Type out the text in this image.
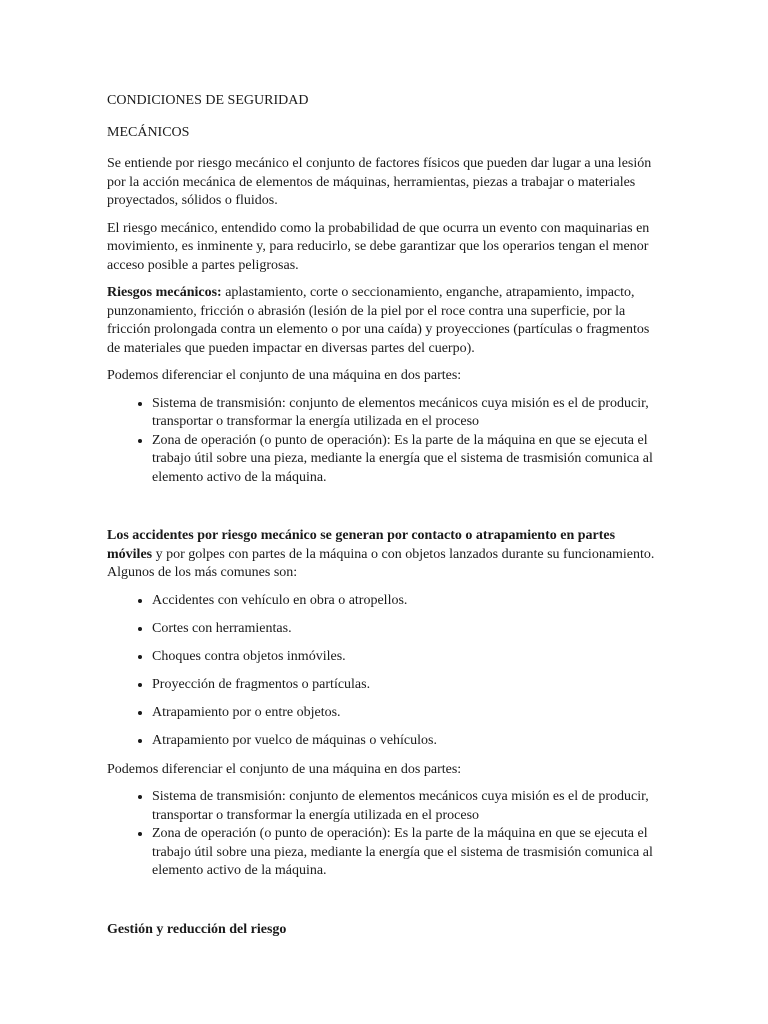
CONDICIONES DE SEGURIDAD

MECÁNICOS

Se entiende por riesgo mecánico el conjunto de factores físicos que pueden dar lugar a una lesión por la acción mecánica de elementos de máquinas, herramientas, piezas a trabajar o materiales proyectados, sólidos o fluidos.

El riesgo mecánico, entendido como la probabilidad de que ocurra un evento con maquinarias en movimiento, es inminente y, para reducirlo, se debe garantizar que los operarios tengan el menor acceso posible a partes peligrosas.

Riesgos mecánicos: aplastamiento, corte o seccionamiento, enganche, atrapamiento, impacto, punzonamiento, fricción o abrasión (lesión de la piel por el roce contra una superficie, por la fricción prolongada contra un elemento o por una caída) y proyecciones (partículas o fragmentos de materiales que pueden impactar en diversas partes del cuerpo).

Podemos diferenciar el conjunto de una máquina en dos partes:

• Sistema de transmisión: conjunto de elementos mecánicos cuya misión es el de producir, transportar o transformar la energía utilizada en el proceso
• Zona de operación (o punto de operación): Es la parte de la máquina en que se ejecuta el trabajo útil sobre una pieza, mediante la energía que el sistema de trasmisión comunica al elemento activo de la máquina.

Los accidentes por riesgo mecánico se generan por contacto o atrapamiento en partes móviles y por golpes con partes de la máquina o con objetos lanzados durante su funcionamiento. Algunos de los más comunes son:

• Accidentes con vehículo en obra o atropellos.
• Cortes con herramientas.
• Choques contra objetos inmóviles.
• Proyección de fragmentos o partículas.
• Atrapamiento por o entre objetos.
• Atrapamiento por vuelco de máquinas o vehículos.

Podemos diferenciar el conjunto de una máquina en dos partes:

• Sistema de transmisión: conjunto de elementos mecánicos cuya misión es el de producir, transportar o transformar la energía utilizada en el proceso
• Zona de operación (o punto de operación): Es la parte de la máquina en que se ejecuta el trabajo útil sobre una pieza, mediante la energía que el sistema de trasmisión comunica al elemento activo de la máquina.

Gestión y reducción del riesgo
